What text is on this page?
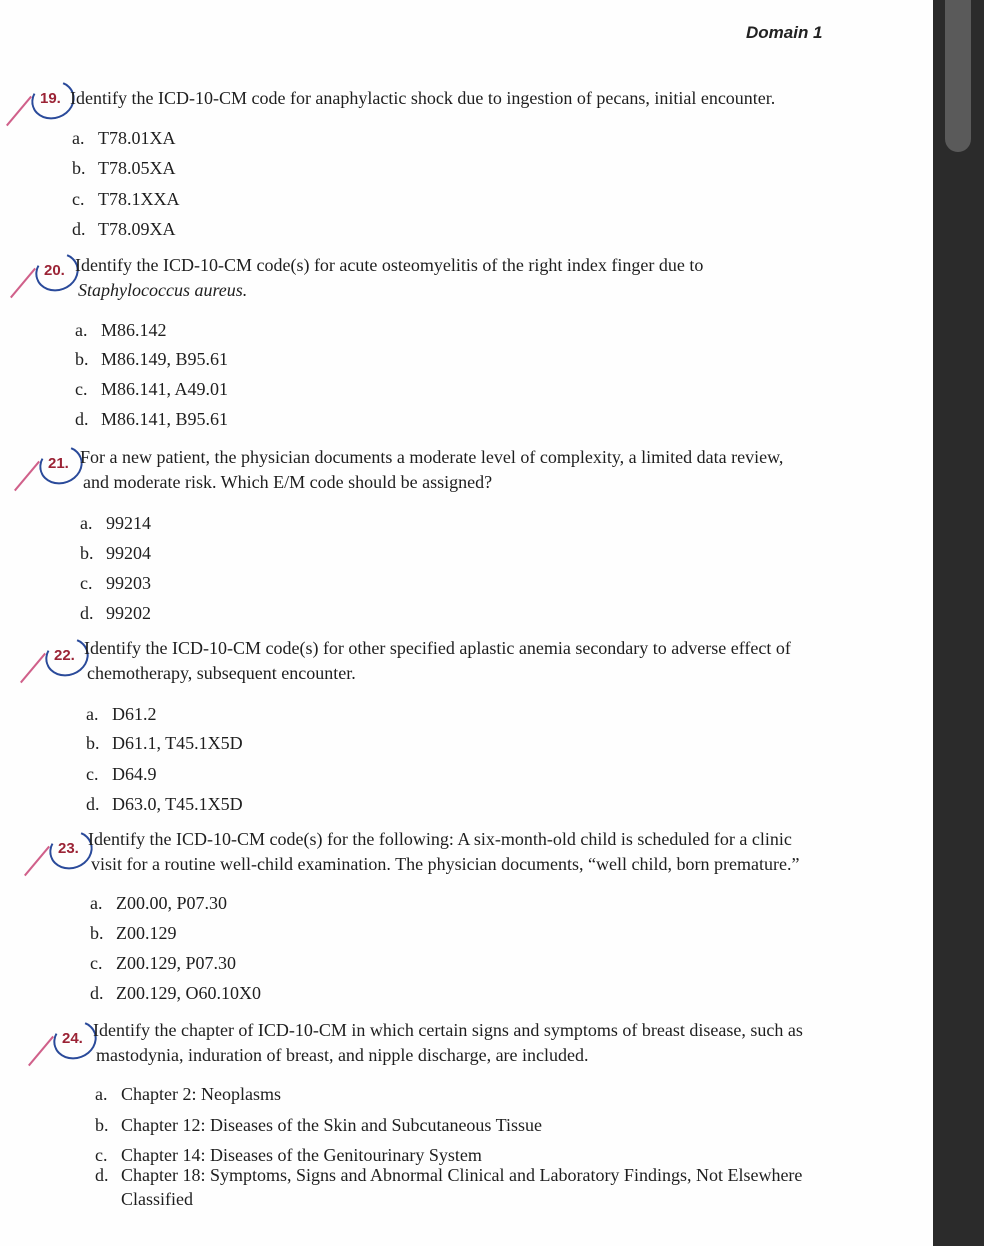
Domain 1
19. Identify the ICD-10-CM code for anaphylactic shock due to ingestion of pecans, initial encounter.
a. T78.01XA
b. T78.05XA
c. T78.1XXA
d. T78.09XA
20. Identify the ICD-10-CM code(s) for acute osteomyelitis of the right index finger due to
Staphylococcus aureus.
a. M86.142
b. M86.149, B95.61
c. M86.141, A49.01
d. M86.141, B95.61
21. For a new patient, the physician documents a moderate level of complexity, a limited data review,
and moderate risk. Which E/M code should be assigned?
a. 99214
b. 99204
c. 99203
d. 99202
22. Identify the ICD-10-CM code(s) for other specified aplastic anemia secondary to adverse effect of
chemotherapy, subsequent encounter.
a. D61.2
b. D61.1, T45.1X5D
c. D64.9
d. D63.0, T45.1X5D
23. Identify the ICD-10-CM code(s) for the following: A six-month-old child is scheduled for a clinic
visit for a routine well-child examination. The physician documents, “well child, born premature.”
a. Z00.00, P07.30
b. Z00.129
c. Z00.129, P07.30
d. Z00.129, O60.10X0
24. Identify the chapter of ICD-10-CM in which certain signs and symptoms of breast disease, such as
mastodynia, induration of breast, and nipple discharge, are included.
a. Chapter 2: Neoplasms
b. Chapter 12: Diseases of the Skin and Subcutaneous Tissue
c. Chapter 14: Diseases of the Genitourinary System
d. Chapter 18: Symptoms, Signs and Abnormal Clinical and Laboratory Findings, Not Elsewhere
Classified
